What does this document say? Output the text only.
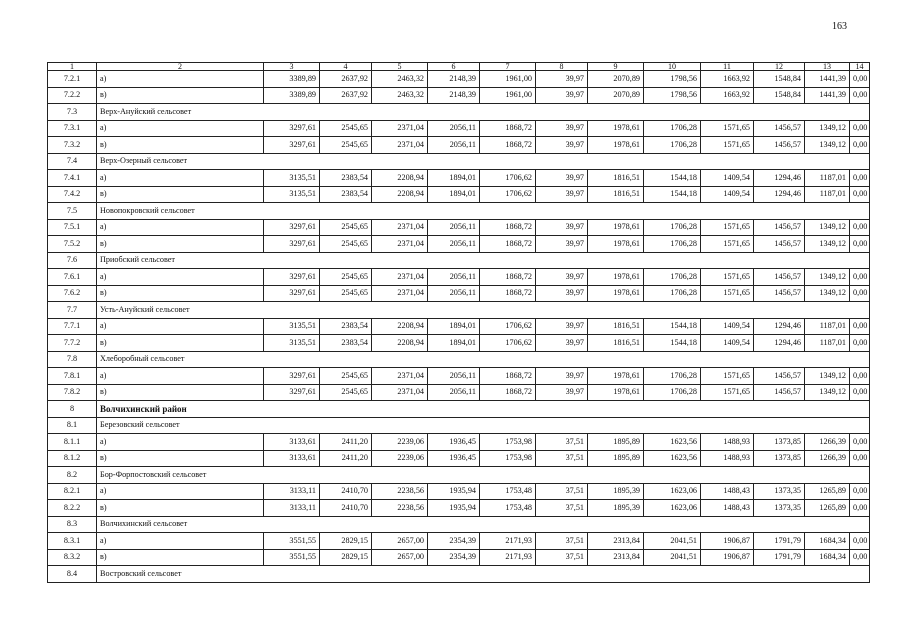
163
1	2	3	4	5	6	7	8	9	10	11	12	13	14
7.2.1	а)	3389,89	2637,92	2463,32	2148,39	1961,00	39,97	2070,89	1798,56	1663,92	1548,84	1441,39	0,00
7.2.2	в)	3389,89	2637,92	2463,32	2148,39	1961,00	39,97	2070,89	1798,56	1663,92	1548,84	1441,39	0,00
7.3	Верх-Ануйский сельсовет												
7.3.1	а)	3297,61	2545,65	2371,04	2056,11	1868,72	39,97	1978,61	1706,28	1571,65	1456,57	1349,12	0,00
7.3.2	в)	3297,61	2545,65	2371,04	2056,11	1868,72	39,97	1978,61	1706,28	1571,65	1456,57	1349,12	0,00
7.4	Верх-Озерный сельсовет												
7.4.1	а)	3135,51	2383,54	2208,94	1894,01	1706,62	39,97	1816,51	1544,18	1409,54	1294,46	1187,01	0,00
7.4.2	в)	3135,51	2383,54	2208,94	1894,01	1706,62	39,97	1816,51	1544,18	1409,54	1294,46	1187,01	0,00
7.5	Новопокровский сельсовет												
7.5.1	а)	3297,61	2545,65	2371,04	2056,11	1868,72	39,97	1978,61	1706,28	1571,65	1456,57	1349,12	0,00
7.5.2	в)	3297,61	2545,65	2371,04	2056,11	1868,72	39,97	1978,61	1706,28	1571,65	1456,57	1349,12	0,00
7.6	Приобский сельсовет												
7.6.1	а)	3297,61	2545,65	2371,04	2056,11	1868,72	39,97	1978,61	1706,28	1571,65	1456,57	1349,12	0,00
7.6.2	в)	3297,61	2545,65	2371,04	2056,11	1868,72	39,97	1978,61	1706,28	1571,65	1456,57	1349,12	0,00
7.7	Усть-Ануйский сельсовет												
7.7.1	а)	3135,51	2383,54	2208,94	1894,01	1706,62	39,97	1816,51	1544,18	1409,54	1294,46	1187,01	0,00
7.7.2	в)	3135,51	2383,54	2208,94	1894,01	1706,62	39,97	1816,51	1544,18	1409,54	1294,46	1187,01	0,00
7.8	Хлеборобный сельсовет												
7.8.1	а)	3297,61	2545,65	2371,04	2056,11	1868,72	39,97	1978,61	1706,28	1571,65	1456,57	1349,12	0,00
7.8.2	в)	3297,61	2545,65	2371,04	2056,11	1868,72	39,97	1978,61	1706,28	1571,65	1456,57	1349,12	0,00
8	Волчихинский район												
8.1	Березовский сельсовет												
8.1.1	а)	3133,61	2411,20	2239,06	1936,45	1753,98	37,51	1895,89	1623,56	1488,93	1373,85	1266,39	0,00
8.1.2	в)	3133,61	2411,20	2239,06	1936,45	1753,98	37,51	1895,89	1623,56	1488,93	1373,85	1266,39	0,00
8.2	Бор-Форпостовский сельсовет												
8.2.1	а)	3133,11	2410,70	2238,56	1935,94	1753,48	37,51	1895,39	1623,06	1488,43	1373,35	1265,89	0,00
8.2.2	в)	3133,11	2410,70	2238,56	1935,94	1753,48	37,51	1895,39	1623,06	1488,43	1373,35	1265,89	0,00
8.3	Волчихинский сельсовет												
8.3.1	а)	3551,55	2829,15	2657,00	2354,39	2171,93	37,51	2313,84	2041,51	1906,87	1791,79	1684,34	0,00
8.3.2	в)	3551,55	2829,15	2657,00	2354,39	2171,93	37,51	2313,84	2041,51	1906,87	1791,79	1684,34	0,00
8.4	Востровский сельсовет												
